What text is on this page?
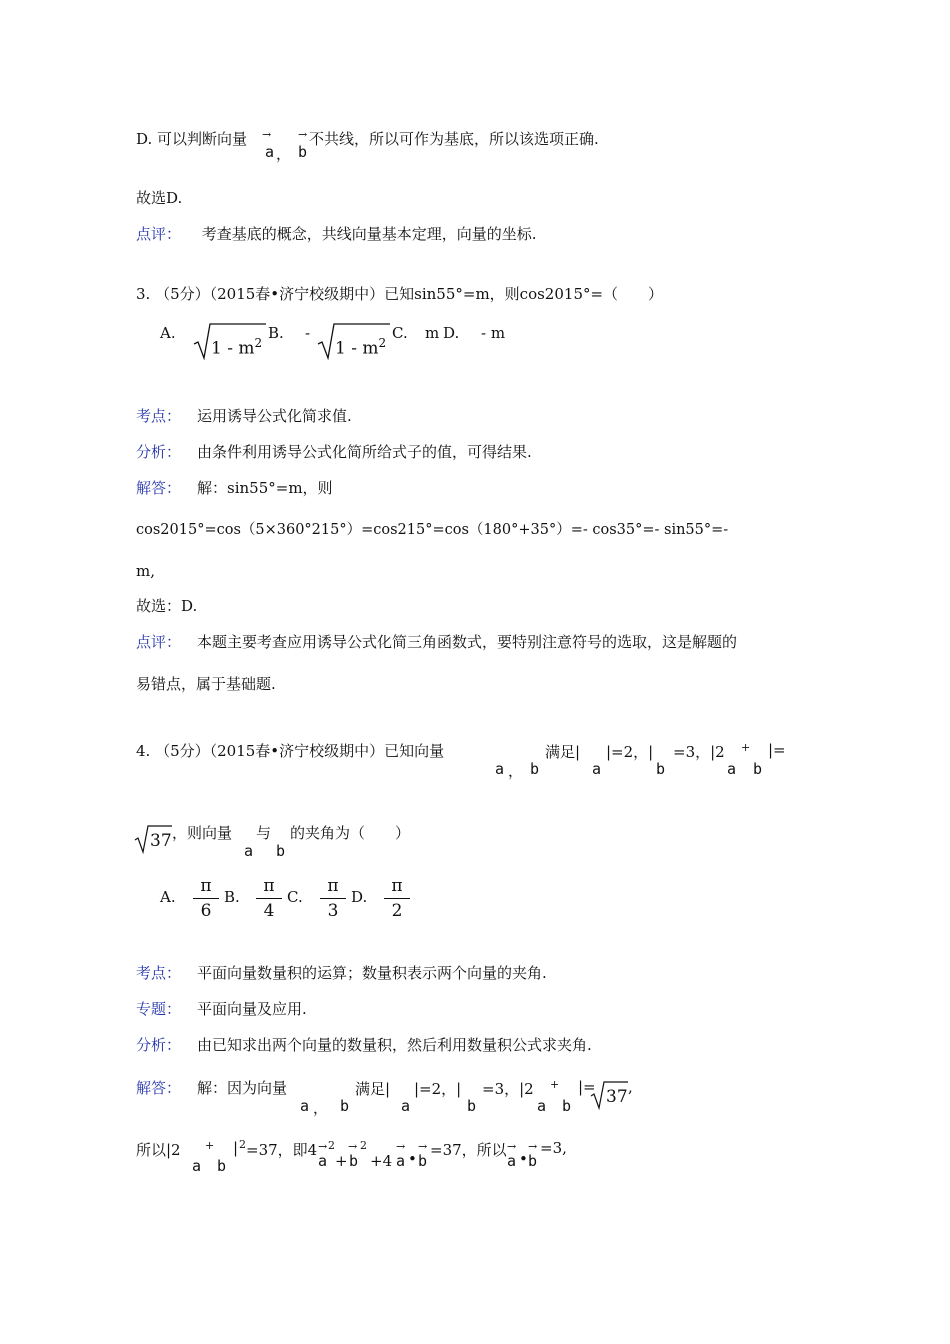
D. 可以判断向量 →
a ，
→
b
不共线，所以可作为基底，所以该选项正确.
故选D.
点评： 考查基底的概念，共线向量基本定理，向量的坐标.
3. （5分）（2015春•济宁校级期中）已知sin55°=m，则cos2015°=（　　）
A.
$1 - m^2$
B. -
$1 - m^2$
C. m D. - m
考点： 运用诱导公式化简求值.
分析： 由条件利用诱导公式化简所给式子的值，可得结果.
解答： 解：sin55°=m，则
cos2015°=cos（5×360°215°）=cos215°=cos（180°+35°）=- cos35°=- sin55°=-
m,
故选：D.
点评： 本题主要考查应用诱导公式化简三角函数式，要特别注意符号的选取，这是解题的
易错点，属于基础题.
4. （5分）（2015春•济宁校级期中）已知向量
a ， b
满足|
a
|=2，|
b
=3，|2
a
+
b
|=
37 ，则向量
a
与
b
的夹角为（　　）
A.
π
6
B.
π
4
C.
π
3
D.
π
2
考点： 平面向量数量积的运算；数量积表示两个向量的夹角.
专题： 平面向量及应用.
分析： 由已知求出两个向量的数量积，然后利用数量积公式求夹角.
解答： 解：因为向量
a ， b
满足|
a
|=2，|
b
=3，|2
a
+
b
|= 37 ,
所以|2 +
a b
| 2 =37，即4 → 2
a +
→ 2
b +4
→
a •
→
b
=37，所以 →
a •
→
b
=3,
